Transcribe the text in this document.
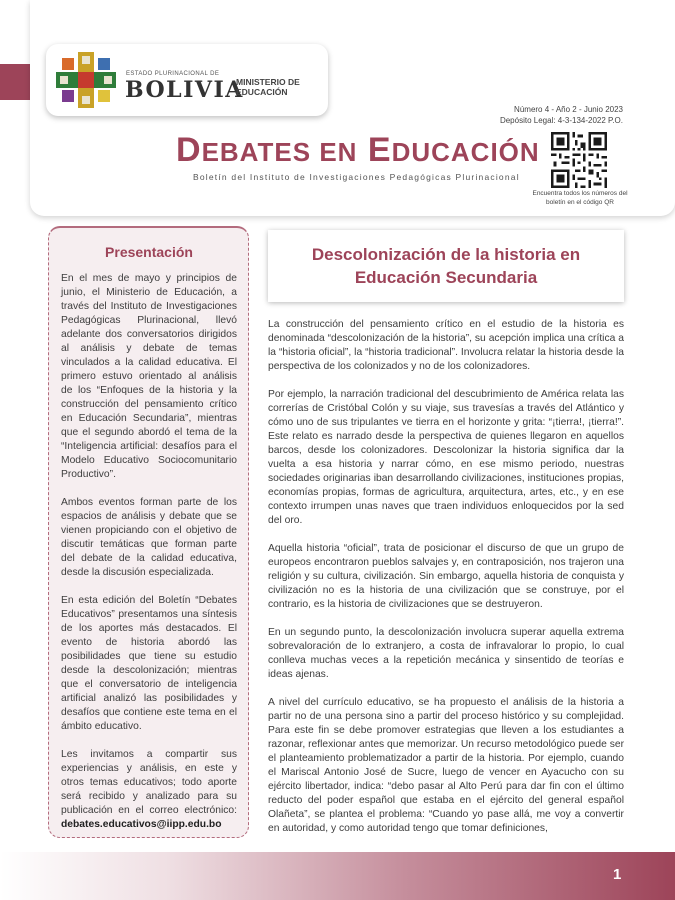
ESTADO PLURINACIONAL DE
BOLIVIA
MINISTERIO DE EDUCACIÓN
Número 4 - Año 2 - Junio 2023
Depósito Legal: 4-3-134-2022 P.O.
DEBATES EN EDUCACIÓN
Boletín del Instituto de Investigaciones Pedagógicas Plurinacional
Encuentra todos los números del boletín en el código QR
Presentación

En el mes de mayo y principios de junio, el Ministerio de Educación, a través del Instituto de Investigaciones Pedagógicas Plurinacional, llevó adelante dos conversatorios dirigidos al análisis y debate de temas vinculados a la calidad educativa. El primero estuvo orientado al análisis de los “Enfoques de la historia y la construcción del pensamiento crítico en Educación Secundaria”, mientras que el segundo abordó el tema de la “Inteligencia artificial: desafíos para el Modelo Educativo Sociocomunitario Productivo”.

Ambos eventos forman parte de los espacios de análisis y debate que se vienen propiciando con el objetivo de discutir temáticas que forman parte del debate de la calidad educativa, desde la discusión especializada.

En esta edición del Boletín “Debates Educativos” presentamos una síntesis de los aportes más destacados. El evento de historia abordó las posibilidades que tiene su estudio desde la descolonización; mientras que el conversatorio de inteligencia artificial analizó las posibilidades y desafíos que contiene este tema en el ámbito educativo.

Les invitamos a compartir sus experiencias y análisis, en este y otros temas educativos; todo aporte será recibido y analizado para su publicación en el correo electrónico: debates.educativos@iipp.edu.bo

Descolonización de la historia en Educación Secundaria

La construcción del pensamiento crítico en el estudio de la historia es denominada “descolonización de la historia”, su acepción implica una crítica a la “historia oficial”, la “historia tradicional”. Involucra relatar la historia desde la perspectiva de los colonizados y no de los colonizadores.

Por ejemplo, la narración tradicional del descubrimiento de América relata las correrías de Cristóbal Colón y su viaje, sus travesías a través del Atlántico y cómo uno de sus tripulantes ve tierra en el horizonte y grita: “¡tierra!, ¡tierra!”. Este relato es narrado desde la perspectiva de quienes llegaron en aquellos barcos, desde los colonizadores. Descolonizar la historia significa dar la vuelta a esa historia y narrar cómo, en ese mismo periodo, nuestras sociedades originarias iban desarrollando civilizaciones, instituciones propias, economías propias, formas de agricultura, arquitectura, artes, etc., y en ese contexto irrumpen unas naves que traen individuos enloquecidos por la sed del oro.

Aquella historia “oficial”, trata de posicionar el discurso de que un grupo de europeos encontraron pueblos salvajes y, en contraposición, nos trajeron una religión y su cultura, civilización. Sin embargo, aquella historia de conquista y civilización no es la historia de una civilización que se construye, por el contrario, es la historia de civilizaciones que se destruyeron.

En un segundo punto, la descolonización involucra superar aquella extrema sobrevaloración de lo extranjero, a costa de infravalorar lo propio, lo cual conlleva muchas veces a la repetición mecánica y sinsentido de teorías e ideas ajenas.

A nivel del currículo educativo, se ha propuesto el análisis de la historia a partir no de una persona sino a partir del proceso histórico y su complejidad. Para este fin se debe promover estrategias que lleven a los estudiantes a razonar, reflexionar antes que memorizar. Un recurso metodológico puede ser el planteamiento problematizador a partir de la historia. Por ejemplo, cuando el Mariscal Antonio José de Sucre, luego de vencer en Ayacucho con su ejército libertador, indica: “debo pasar al Alto Perú para dar fin con el último reducto del poder español que estaba en el ejército del general español Olañeta”, se plantea el problema: “Cuando yo pase allá, me voy a convertir en autoridad, y como autoridad tengo que tomar definiciones,

1
